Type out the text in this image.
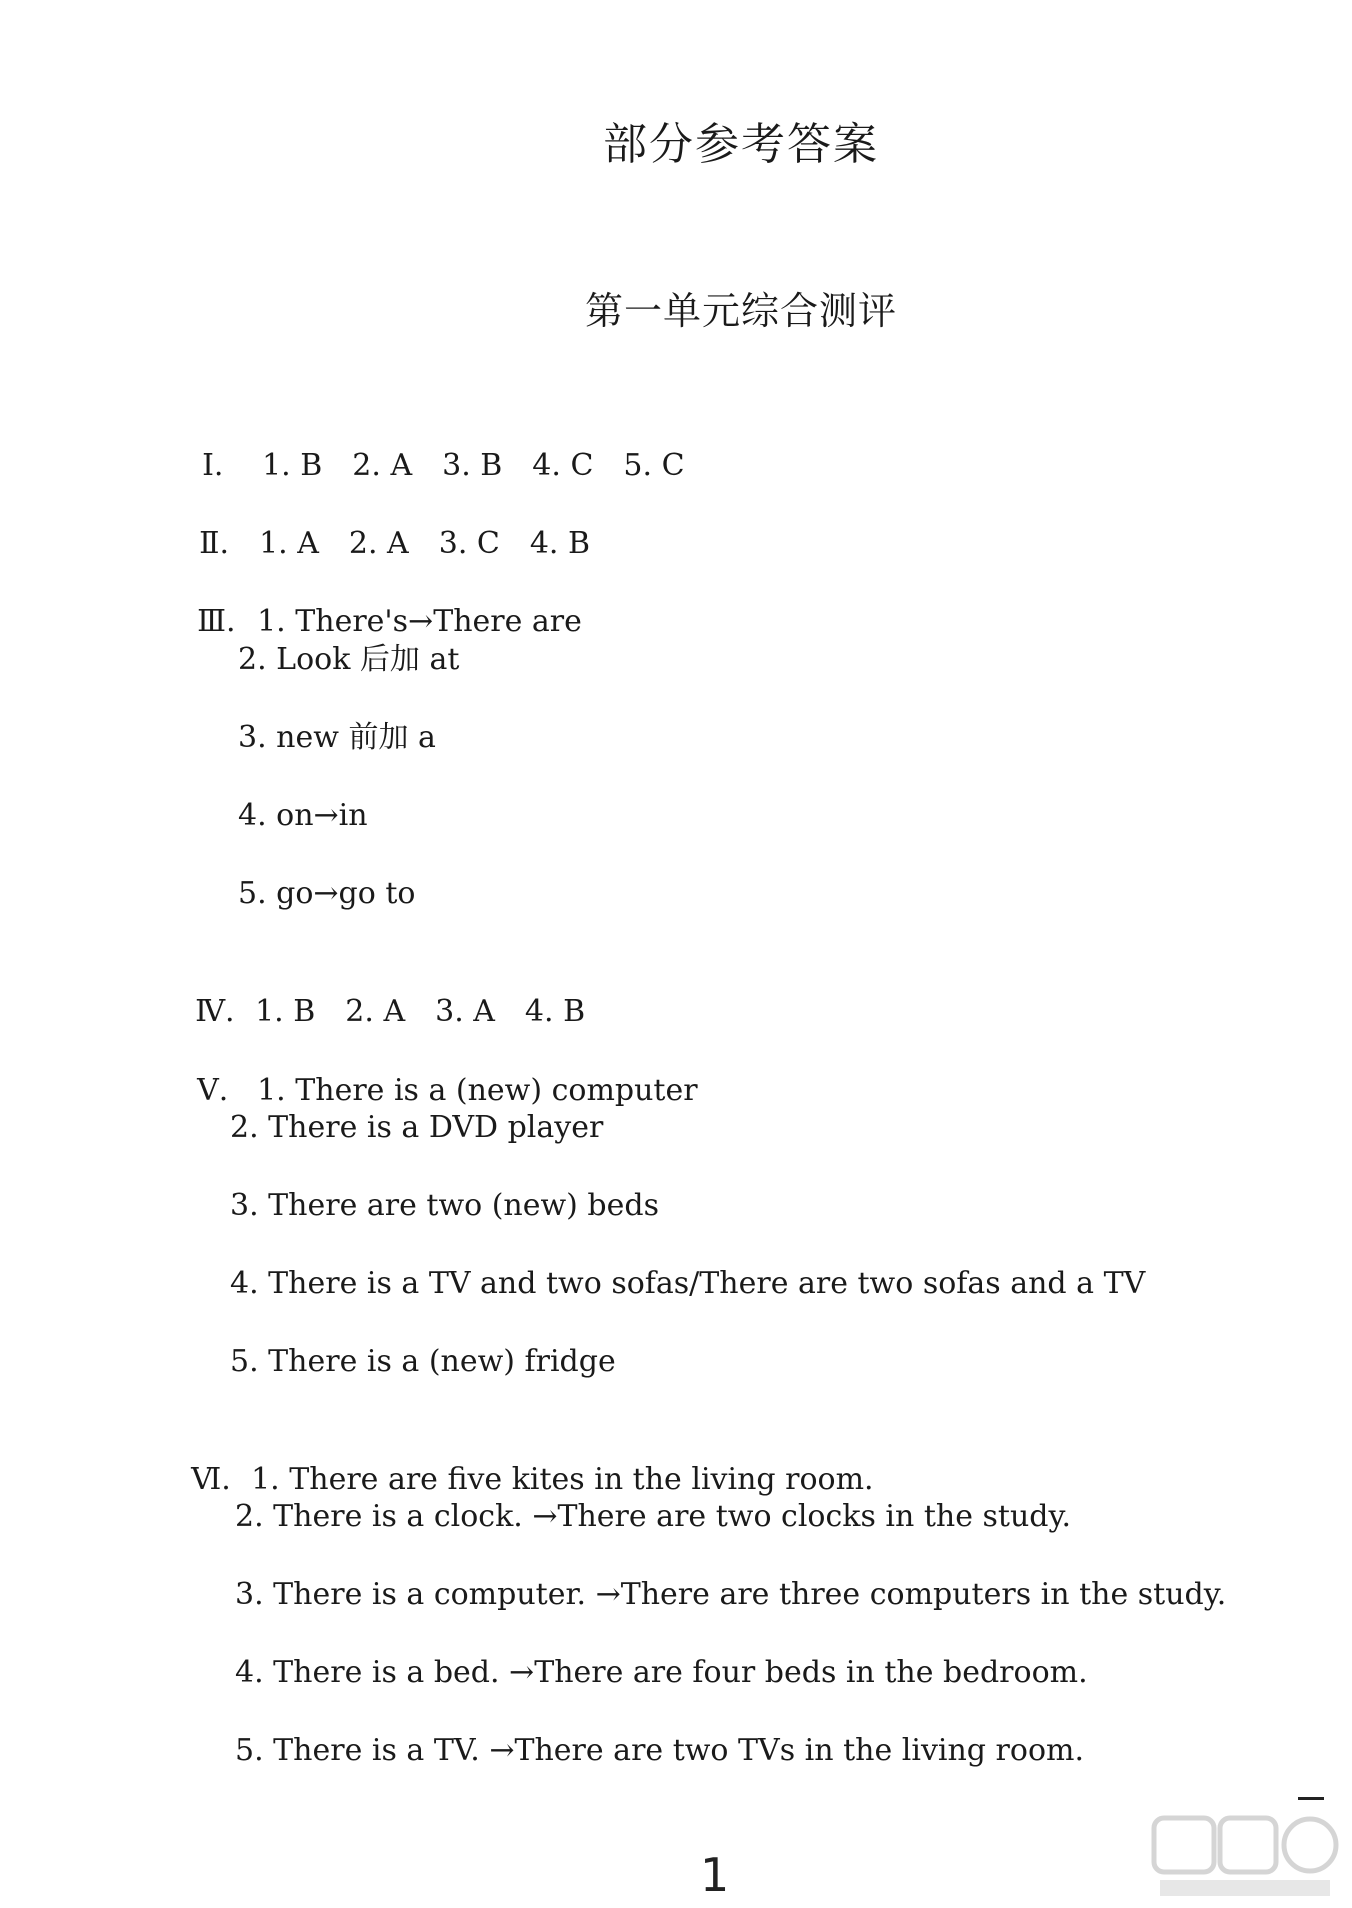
部分参考答案
第一单元综合测评

Ⅰ. 1. B　2. A　3. B　4. C　5. C

Ⅱ. 1. A　2. A　3. C　4. B

Ⅲ. 1. There's→There are

2. Look 后加 at
3. new 前加 a
4. on→in
5. go→go to

Ⅳ. 1. B　2. A　3. A　4. B

Ⅴ. 1. There is a (new) computer

2. There is a DVD player
3. There are two (new) beds
4. There is a TV and two sofas/There are two sofas and a TV
5. There is a (new) fridge

Ⅵ. 1. There are five kites in the living room.

2. There is a clock. →There are two clocks in the study.
3. There is a computer. →There are three computers in the study.
4. There is a bed. →There are four beds in the bedroom.
5. There is a TV. →There are two TVs in the living room.
1
